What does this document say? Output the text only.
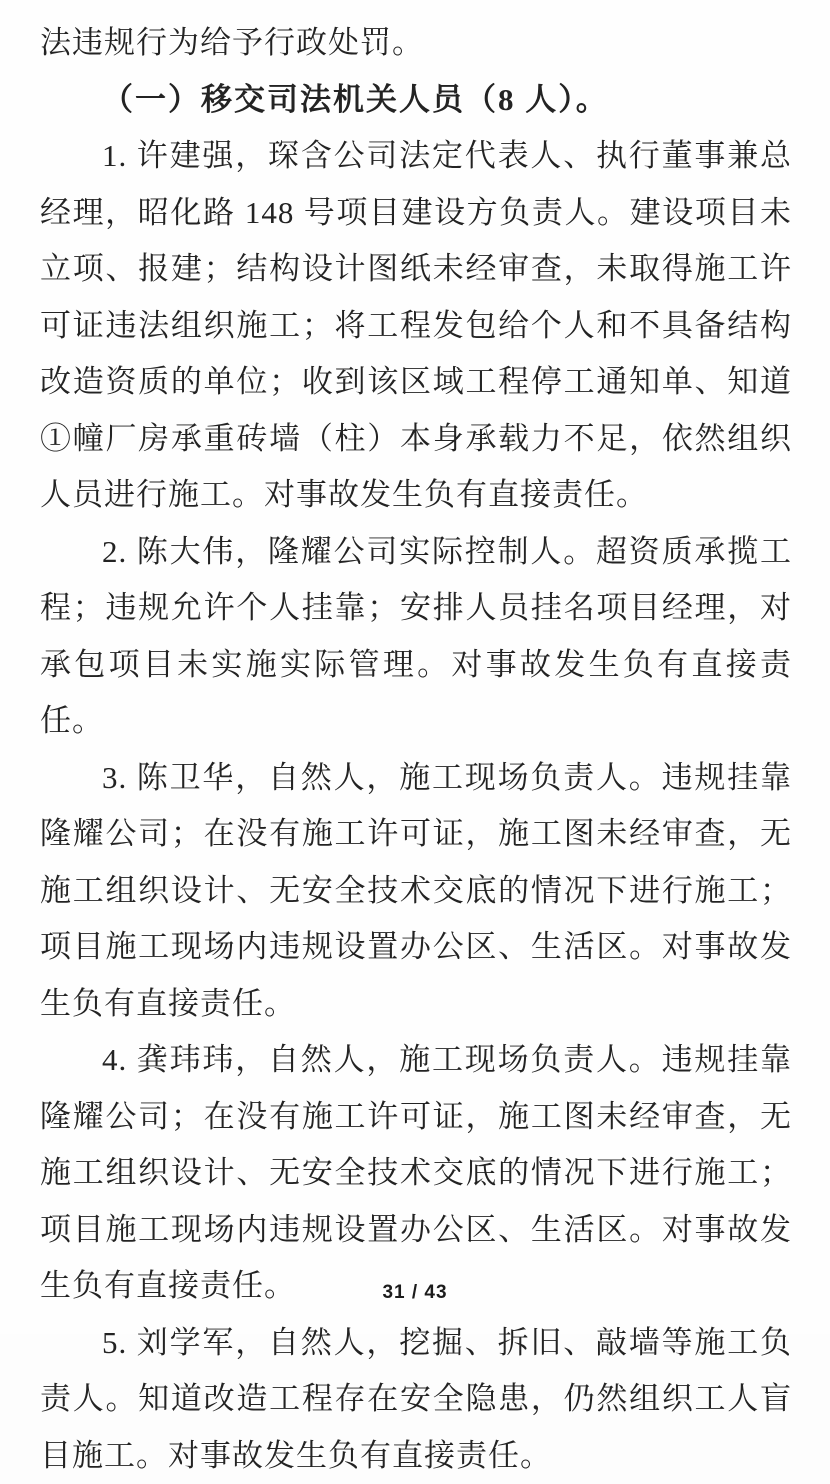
法违规行为给予行政处罚。
（一）移交司法机关人员（8 人）。
1. 许建强，琛含公司法定代表人、执行董事兼总经理，昭化路 148 号项目建设方负责人。建设项目未立项、报建；结构设计图纸未经审查，未取得施工许可证违法组织施工；将工程发包给个人和不具备结构改造资质的单位；收到该区域工程停工通知单、知道①幢厂房承重砖墙（柱）本身承载力不足，依然组织人员进行施工。对事故发生负有直接责任。
2. 陈大伟，隆耀公司实际控制人。超资质承揽工程；违规允许个人挂靠；安排人员挂名项目经理，对承包项目未实施实际管理。对事故发生负有直接责任。
3. 陈卫华，自然人，施工现场负责人。违规挂靠隆耀公司；在没有施工许可证，施工图未经审查，无施工组织设计、无安全技术交底的情况下进行施工；项目施工现场内违规设置办公区、生活区。对事故发生负有直接责任。
4. 龚玮玮，自然人，施工现场负责人。违规挂靠隆耀公司；在没有施工许可证，施工图未经审查，无施工组织设计、无安全技术交底的情况下进行施工；项目施工现场内违规设置办公区、生活区。对事故发生负有直接责任。
5. 刘学军，自然人，挖掘、拆旧、敲墙等施工负责人。知道改造工程存在安全隐患，仍然组织工人盲目施工。对事故发生负有直接责任。
31 / 43
